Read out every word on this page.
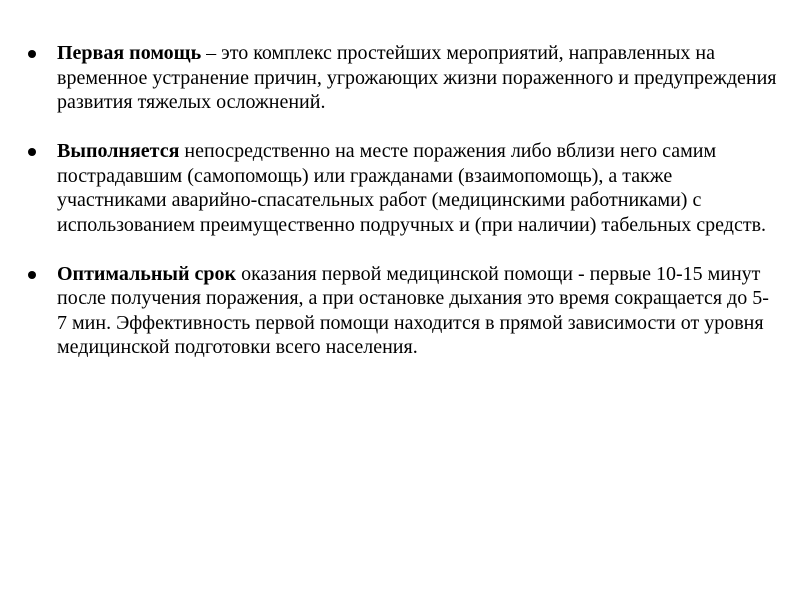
Первая помощь – это комплекс простейших мероприятий, направленных на временное устранение причин, угрожающих жизни пораженного и предупреждения развития тяжелых осложнений.
Выполняется непосредственно на месте поражения либо вблизи него самим пострадавшим (самопомощь) или гражданами (взаимопомощь), а также участниками аварийно-спасательных работ (медицинскими работниками) с использованием преимущественно подручных и (при наличии) табельных средств.
Оптимальный срок оказания первой медицинской помощи - первые 10-15 минут после получения поражения, а при остановке дыхания это время сокращается до 5-7 мин. Эффективность первой помощи находится в прямой зависимости от уровня медицинской подготовки всего населения.
